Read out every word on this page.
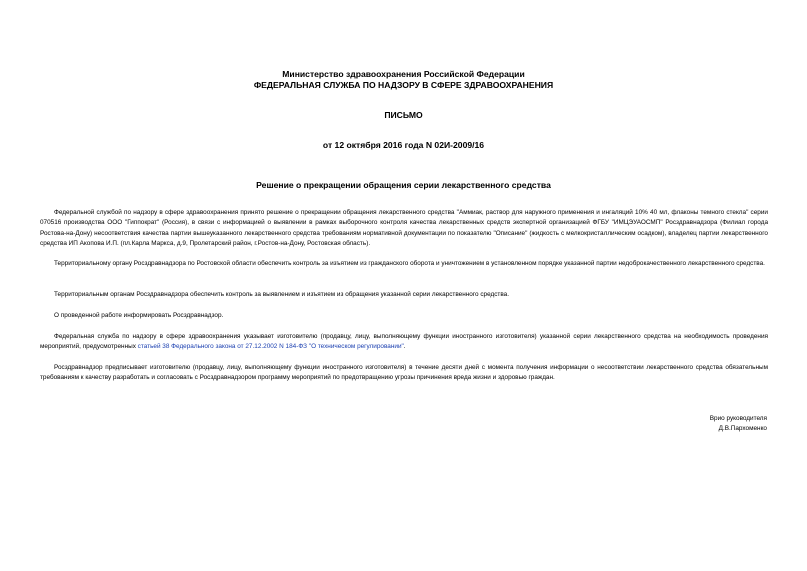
Министерство здравоохранения Российской Федерации
ФЕДЕРАЛЬНАЯ СЛУЖБА ПО НАДЗОРУ В СФЕРЕ ЗДРАВООХРАНЕНИЯ
ПИСЬМО
от 12 октября 2016 года N 02И-2009/16
Решение о прекращении обращения серии лекарственного средства

Федеральной службой по надзору в сфере здравоохранения принято решение о прекращении обращения лекарственного средства "Аммиак, раствор для наружного применения и ингаляций 10% 40 мл, флаконы темного стекла" серии 070516 производства ООО "Гиппократ" (Россия), в связи с информацией о выявлении в рамках выборочного контроля качества лекарственных средств экспертной организацией ФГБУ "ИМЦЭУАОСМП" Росздравнадзора (Филиал города Ростова-на-Дону) несоответствия качества партии вышеуказанного лекарственного средства требованиям нормативной документации по показателю "Описание" (жидкость с мелкокристаллическим осадком), владелец партии лекарственного средства ИП Акопова И.П. (пл.Карла Маркса, д.9, Пролетарский район, г.Ростов-на-Дону, Ростовская область).

Территориальному органу Росздравнадзора по Ростовской области обеспечить контроль за изъятием из гражданского оборота и уничтожением в установленном порядке указанной партии недоброкачественного лекарственного средства.

Территориальным органам Росздравнадзора обеспечить контроль за выявлением и изъятием из обращения указанной серии лекарственного средства.

О проведенной работе информировать Росздравнадзор.

Федеральная служба по надзору в сфере здравоохранения указывает изготовителю (продавцу, лицу, выполняющему функции иностранного изготовителя) указанной серии лекарственного средства на необходимость проведения мероприятий, предусмотренных статьей 38 Федерального закона от 27.12.2002 N 184-ФЗ "О техническом регулировании".

Росздравнадзор предписывает изготовителю (продавцу, лицу, выполняющему функции иностранного изготовителя) в течение десяти дней с момента получения информации о несоответствии лекарственного средства обязательным требованиям к качеству разработать и согласовать с Росздравнадзором программу мероприятий по предотвращению угрозы причинения вреда жизни и здоровью граждан.

Врио руководителя
Д.В.Пархоменко
